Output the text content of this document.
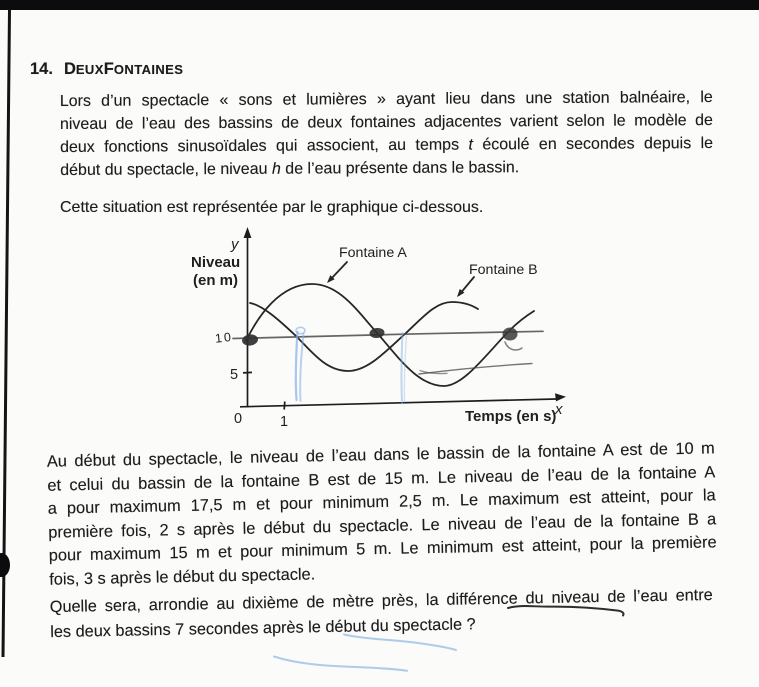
14. D EUX F ONTAINES
Lors d’un spectacle « sons et lumières » ayant lieu dans une station balnéaire, le
niveau de l’eau des bassins de deux fontaines adjacentes varient selon le modèle de
deux fonctions sinusoïdales qui associent, au temps t écoulé en secondes depuis le
début du spectacle, le niveau h de l’eau présente dans le bassin.
Cette situation est représentée par le graphique ci-dessous.
Au début du spectacle, le niveau de l’eau dans le bassin de la fontaine A est de 10 m
et celui du bassin de la fontaine B est de 15 m. Le niveau de l’eau de la fontaine A
a pour maximum 17,5 m et pour minimum 2,5 m. Le maximum est atteint, pour la
première fois, 2 s après le début du spectacle. Le niveau de l’eau de la fontaine B a
pour maximum 15 m et pour minimum 5 m. Le minimum est atteint, pour la première
fois, 3 s après le début du spectacle.
Quelle sera, arrondie au dixième de mètre près, la différence du niveau de l’eau entre
les deux bassins 7 secondes après le début du spectacle ?
y
Niveau
(en m)
Temps (en s)
x
0	1
5
Fontaine A
Fontaine B
10
